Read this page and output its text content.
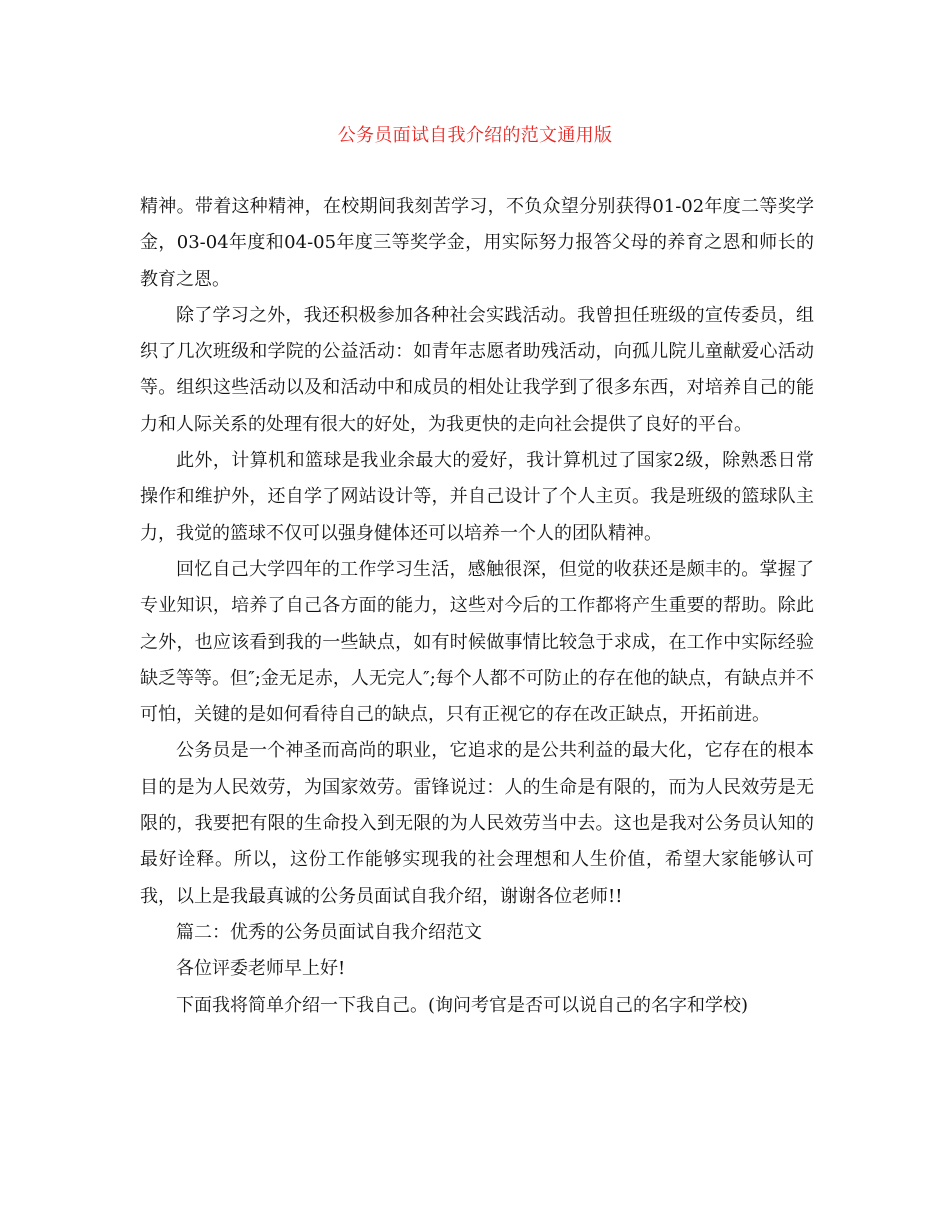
公务员面试自我介绍的范文通用版

精神。带着这种精神，在校期间我刻苦学习，不负众望分别获得01-02年度二等奖学金，03-04年度和04-05年度三等奖学金，用实际努力报答父母的养育之恩和师长的教育之恩。

除了学习之外，我还积极参加各种社会实践活动。我曾担任班级的宣传委员，组织了几次班级和学院的公益活动：如青年志愿者助残活动，向孤儿院儿童献爱心活动等。组织这些活动以及和活动中和成员的相处让我学到了很多东西，对培养自己的能力和人际关系的处理有很大的好处，为我更快的走向社会提供了良好的平台。

此外，计算机和篮球是我业余最大的爱好，我计算机过了国家2级，除熟悉日常操作和维护外，还自学了网站设计等，并自己设计了个人主页。我是班级的篮球队主力，我觉的篮球不仅可以强身健体还可以培养一个人的团队精神。

回忆自己大学四年的工作学习生活，感触很深，但觉的收获还是颇丰的。掌握了专业知识，培养了自己各方面的能力，这些对今后的工作都将产生重要的帮助。除此之外，也应该看到我的一些缺点，如有时候做事情比较急于求成，在工作中实际经验缺乏等等。但″;金无足赤，人无完人″;每个人都不可防止的存在他的缺点，有缺点并不可怕，关键的是如何看待自己的缺点，只有正视它的存在改正缺点，开拓前进。

公务员是一个神圣而高尚的职业，它追求的是公共利益的最大化，它存在的根本目的是为人民效劳，为国家效劳。雷锋说过：人的生命是有限的，而为人民效劳是无限的，我要把有限的生命投入到无限的为人民效劳当中去。这也是我对公务员认知的最好诠释。所以，这份工作能够实现我的社会理想和人生价值，希望大家能够认可我，以上是我最真诚的公务员面试自我介绍，谢谢各位老师!!

篇二：优秀的公务员面试自我介绍范文

各位评委老师早上好!

下面我将简单介绍一下我自己。(询问考官是否可以说自己的名字和学校)
